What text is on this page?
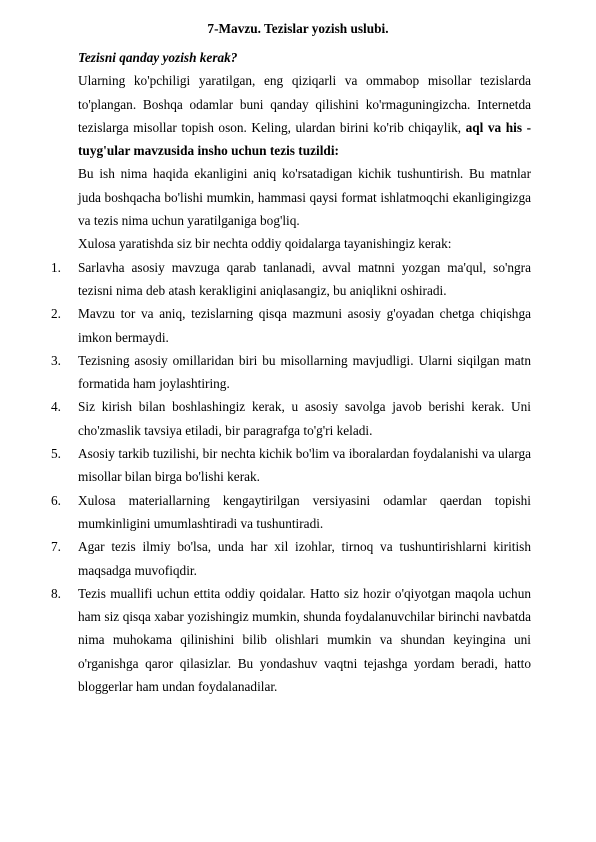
7-Mavzu. Tezislar yozish uslubi.

Tezisni qanday yozish kerak?

Ularning ko'pchiligi yaratilgan, eng qiziqarli va ommabop misollar tezislarda to'plangan. Boshqa odamlar buni qanday qilishini ko'rmaguningizcha. Internetda tezislarga misollar topish oson. Keling, ulardan birini ko'rib chiqaylik, aql va his -tuyg'ular mavzusida insho uchun tezis tuzildi:

Bu ish nima haqida ekanligini aniq ko'rsatadigan kichik tushuntirish. Bu matnlar juda boshqacha bo'lishi mumkin, hammasi qaysi format ishlatmoqchi ekanligingizga va tezis nima uchun yaratilganiga bog'liq.

Xulosa yaratishda siz bir nechta oddiy qoidalarga tayanishingiz kerak:

1. Sarlavha asosiy mavzuga qarab tanlanadi, avval matnni yozgan ma'qul, so'ngra tezisni nima deb atash kerakligini aniqlasangiz, bu aniqlikni oshiradi.
2. Mavzu tor va aniq, tezislarning qisqa mazmuni asosiy g'oyadan chetga chiqishga imkon bermaydi.
3. Tezisning asosiy omillaridan biri bu misollarning mavjudligi. Ularni siqilgan matn formatida ham joylashtiring.
4. Siz kirish bilan boshlashingiz kerak, u asosiy savolga javob berishi kerak. Uni cho'zmaslik tavsiya etiladi, bir paragrafga to'g'ri keladi.
5. Asosiy tarkib tuzilishi, bir nechta kichik bo'lim va iboralardan foydalanishi va ularga misollar bilan birga bo'lishi kerak.
6. Xulosa materiallarning kengaytirilgan versiyasini odamlar qaerdan topishi mumkinligini umumlashtiradi va tushuntiradi.
7. Agar tezis ilmiy bo'lsa, unda har xil izohlar, tirnoq va tushuntirishlarni kiritish maqsadga muvofiqdir.
8. Tezis muallifi uchun ettita oddiy qoidalar. Hatto siz hozir o'qiyotgan maqola uchun ham siz qisqa xabar yozishingiz mumkin, shunda foydalanuvchilar birinchi navbatda nima muhokama qilinishini bilib olishlari mumkin va shundan keyingina uni o'rganishga qaror qilasizlar. Bu yondashuv vaqtni tejashga yordam beradi, hatto bloggerlar ham undan foydalanadilar.
